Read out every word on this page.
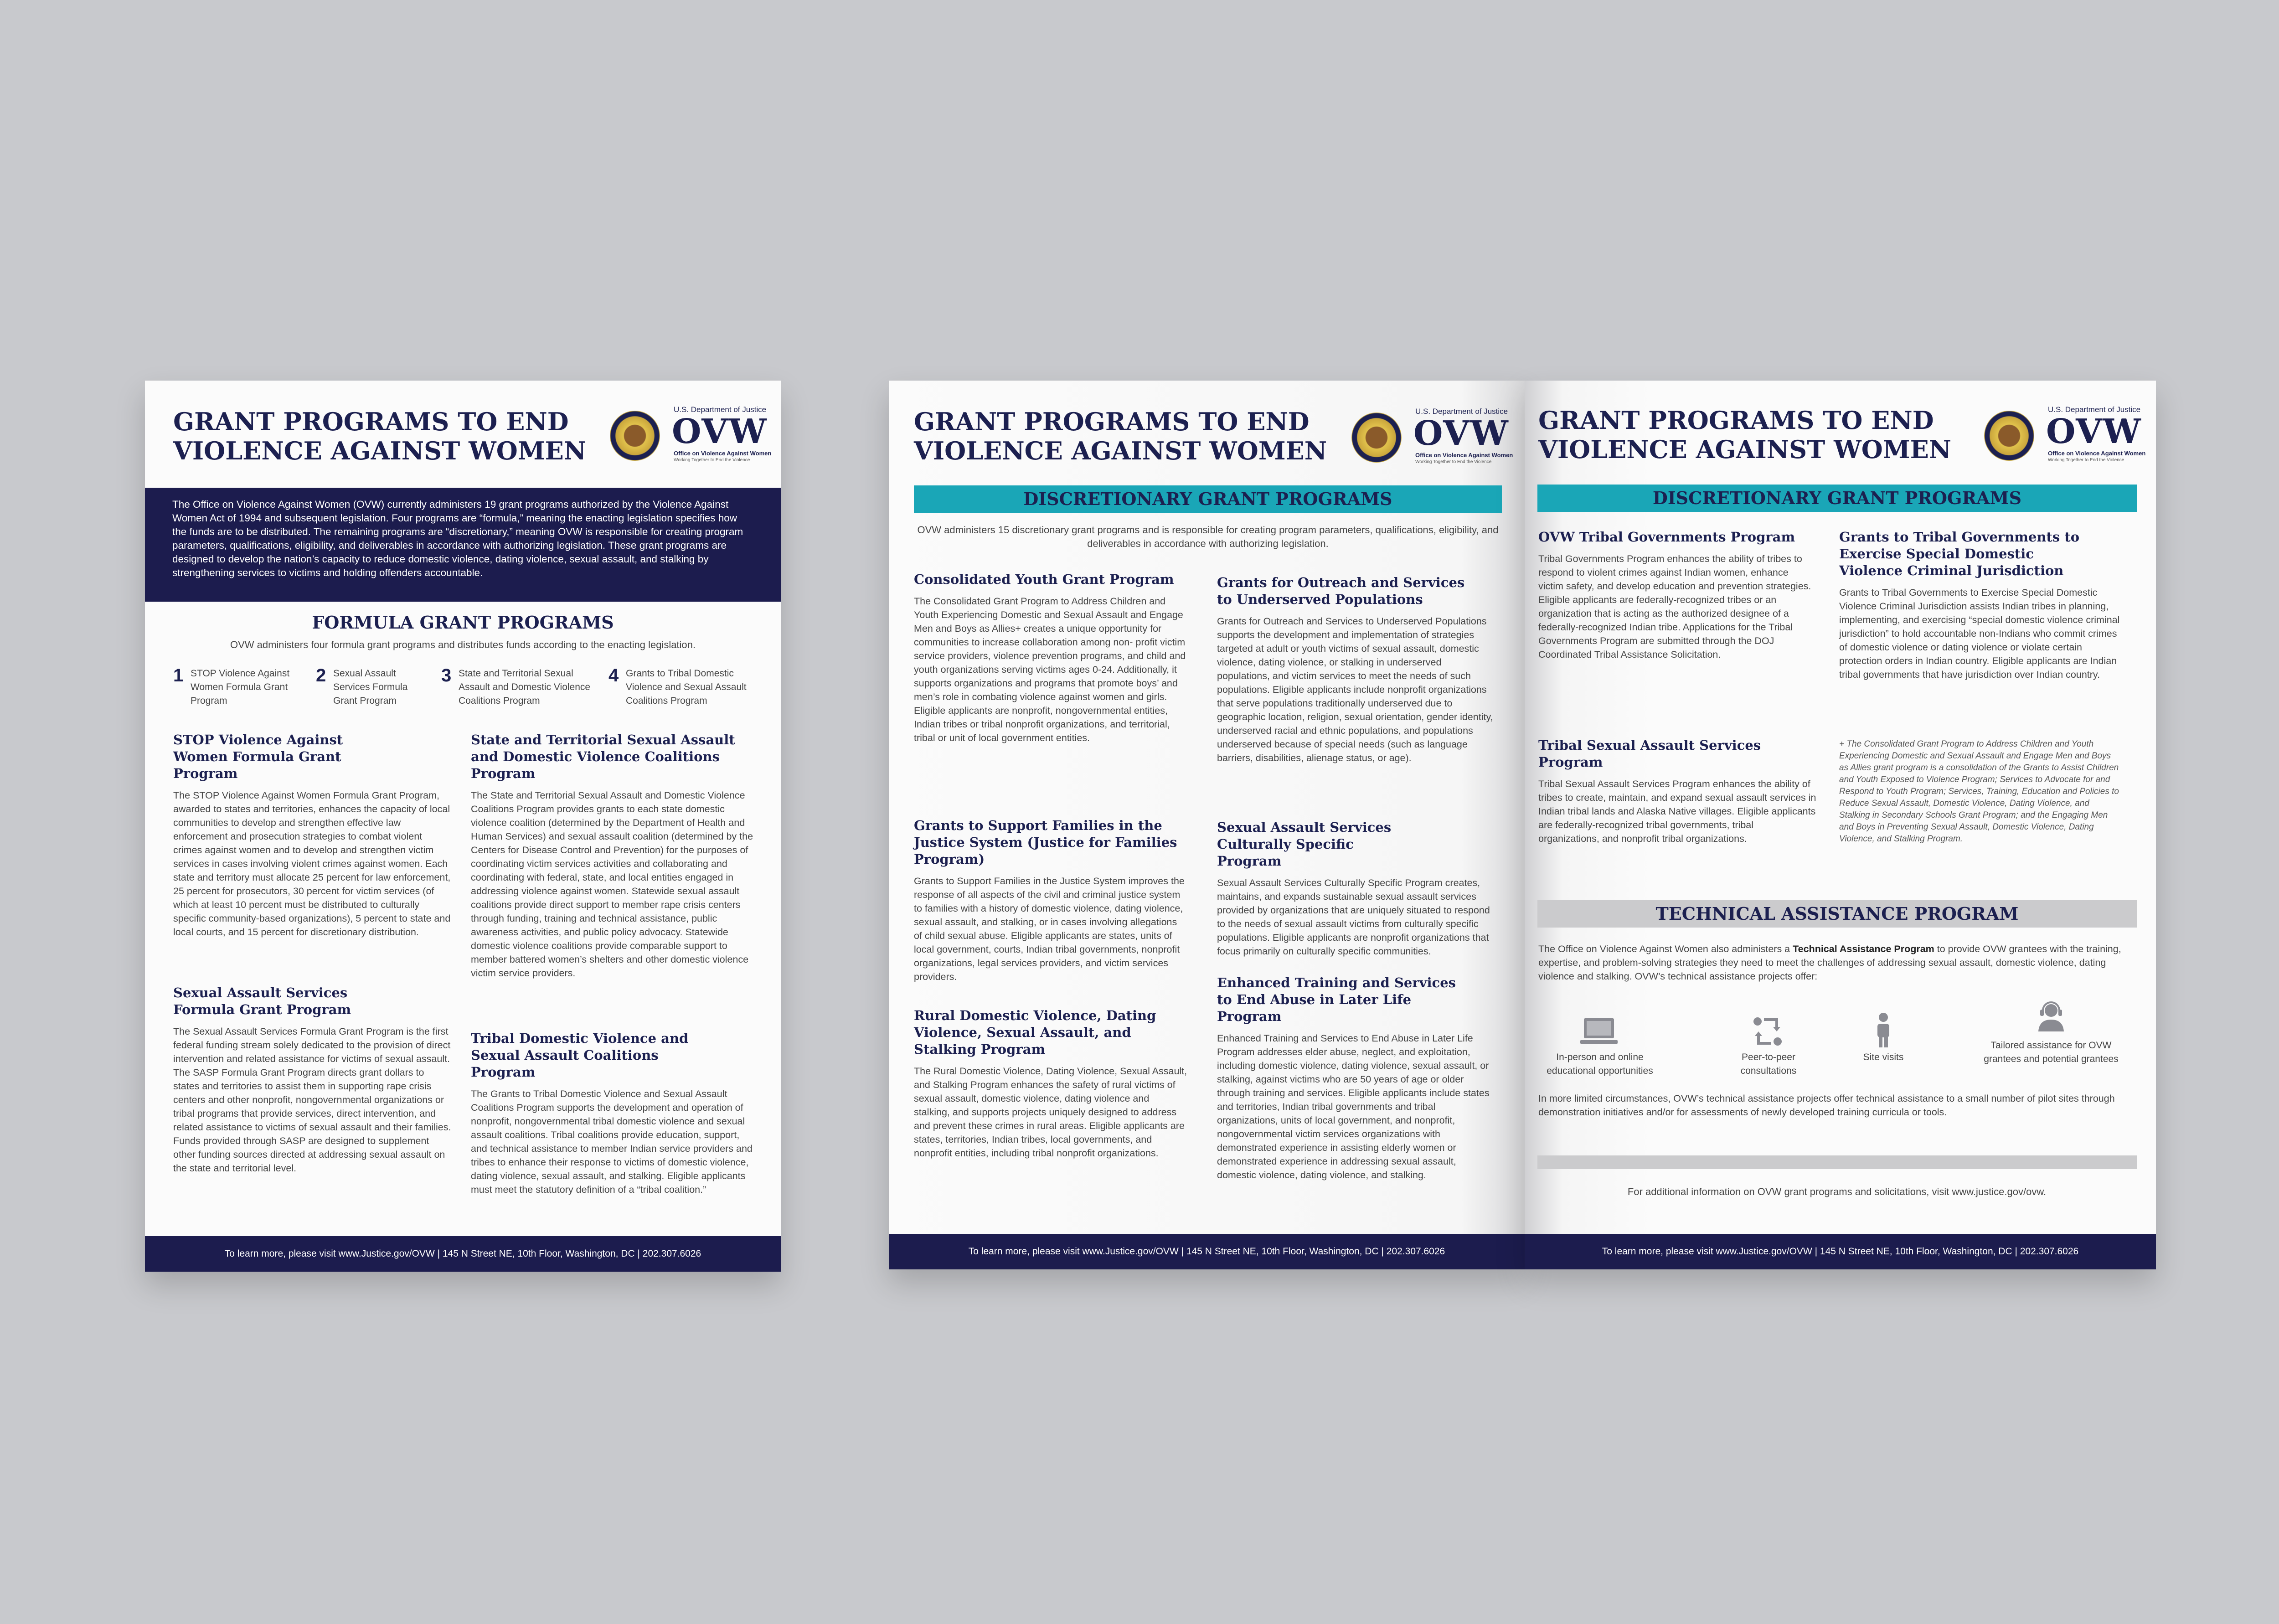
GRANT PROGRAMS TO END
VIOLENCE AGAINST WOMEN
U.S. Department of Justice
OVW
Office on Violence Against Women
Working Together to End the Violence
The Office on Violence Against Women (OVW) currently administers 19 grant programs authorized by the Violence Against Women Act of 1994 and subsequent legislation. Four programs are “formula,” meaning the enacting legislation specifies how the funds are to be distributed. The remaining programs are “discretionary,” meaning OVW is responsible for creating program parameters, qualifications, eligibility, and deliverables in accordance with authorizing legislation. These grant programs are designed to develop the nation’s capacity to reduce domestic violence, dating violence, sexual assault, and stalking by strengthening services to victims and holding offenders accountable.
FORMULA GRANT PROGRAMS
OVW administers four formula grant programs and distributes funds according to the enacting legislation.
1 STOP Violence Against Women Formula Grant Program
2 Sexual Assault Services Formula Grant Program
3 State and Territorial Sexual Assault and Domestic Violence Coalitions Program
4 Grants to Tribal Domestic Violence and Sexual Assault Coalitions Program
STOP Violence Against Women Formula Grant Program
The STOP Violence Against Women Formula Grant Program, awarded to states and territories, enhances the capacity of local communities to develop and strengthen effective law enforcement and prosecution strategies to combat violent crimes against women and to develop and strengthen victim services in cases involving violent crimes against women. Each state and territory must allocate 25 percent for law enforcement, 25 percent for prosecutors, 30 percent for victim services (of which at least 10 percent must be distributed to culturally specific community-based organizations), 5 percent to state and local courts, and 15 percent for discretionary distribution.
Sexual Assault Services Formula Grant Program
The Sexual Assault Services Formula Grant Program is the first federal funding stream solely dedicated to the provision of direct intervention and related assistance for victims of sexual assault. The SASP Formula Grant Program directs grant dollars to states and territories to assist them in supporting rape crisis centers and other nonprofit, nongovernmental organizations or tribal programs that provide services, direct intervention, and related assistance to victims of sexual assault and their families. Funds provided through SASP are designed to supplement other funding sources directed at addressing sexual assault on the state and territorial level.
State and Territorial Sexual Assault and Domestic Violence Coalitions Program
The State and Territorial Sexual Assault and Domestic Violence Coalitions Program provides grants to each state domestic violence coalition (determined by the Department of Health and Human Services) and sexual assault coalition (determined by the Centers for Disease Control and Prevention) for the purposes of coordinating victim services activities and collaborating and coordinating with federal, state, and local entities engaged in addressing violence against women. Statewide sexual assault coalitions provide direct support to member rape crisis centers through funding, training and technical assistance, public awareness activities, and public policy advocacy. Statewide domestic violence coalitions provide comparable support to member battered women’s shelters and other domestic violence victim service providers.
Tribal Domestic Violence and Sexual Assault Coalitions Program
The Grants to Tribal Domestic Violence and Sexual Assault Coalitions Program supports the development and operation of nonprofit, nongovernmental tribal domestic violence and sexual assault coalitions. Tribal coalitions provide education, support, and technical assistance to member Indian service providers and tribes to enhance their response to victims of domestic violence, dating violence, sexual assault, and stalking. Eligible applicants must meet the statutory definition of a “tribal coalition.”
To learn more, please visit www.Justice.gov/OVW | 145 N Street NE, 10th Floor, Washington, DC | 202.307.6026
GRANT PROGRAMS TO END
VIOLENCE AGAINST WOMEN
U.S. Department of Justice
OVW
Office on Violence Against Women
Working Together to End the Violence
DISCRETIONARY GRANT PROGRAMS
OVW administers 15 discretionary grant programs and is responsible for creating program parameters, qualifications, eligibility, and deliverables in accordance with authorizing legislation.
Consolidated Youth Grant Program
The Consolidated Grant Program to Address Children and Youth Experiencing Domestic and Sexual Assault and Engage Men and Boys as Allies+ creates a unique opportunity for communities to increase collaboration among non- profit victim service providers, violence prevention programs, and child and youth organizations serving victims ages 0-24. Additionally, it supports organizations and programs that promote boys’ and men’s role in combating violence against women and girls. Eligible applicants are nonprofit, nongovernmental entities, Indian tribes or tribal nonprofit organizations, and territorial, tribal or unit of local government entities.
Grants to Support Families in the Justice System (Justice for Families Program)
Grants to Support Families in the Justice System improves the response of all aspects of the civil and criminal justice system to families with a history of domestic violence, dating violence, sexual assault, and stalking, or in cases involving allegations of child sexual abuse. Eligible applicants are states, units of local government, courts, Indian tribal governments, nonprofit organizations, legal services providers, and victim services providers.
Rural Domestic Violence, Dating Violence, Sexual Assault, and Stalking Program
The Rural Domestic Violence, Dating Violence, Sexual Assault, and Stalking Program enhances the safety of rural victims of sexual assault, domestic violence, dating violence and stalking, and supports projects uniquely designed to address and prevent these crimes in rural areas. Eligible applicants are states, territories, Indian tribes, local governments, and nonprofit entities, including tribal nonprofit organizations.
Grants for Outreach and Services to Underserved Populations
Grants for Outreach and Services to Underserved Populations supports the development and implementation of strategies targeted at adult or youth victims of sexual assault, domestic violence, dating violence, or stalking in underserved populations, and victim services to meet the needs of such populations. Eligible applicants include nonprofit organizations that serve populations traditionally underserved due to geographic location, religion, sexual orientation, gender identity, underserved racial and ethnic populations, and populations underserved because of special needs (such as language barriers, disabilities, alienage status, or age).
Sexual Assault Services Culturally Specific Program
Sexual Assault Services Culturally Specific Program creates, maintains, and expands sustainable sexual assault services provided by organizations that are uniquely situated to respond to the needs of sexual assault victims from culturally specific populations. Eligible applicants are nonprofit organizations that focus primarily on culturally specific communities.
Enhanced Training and Services to End Abuse in Later Life Program
Enhanced Training and Services to End Abuse in Later Life Program addresses elder abuse, neglect, and exploitation, including domestic violence, dating violence, sexual assault, or stalking, against victims who are 50 years of age or older through training and services. Eligible applicants include states and territories, Indian tribal governments and tribal organizations, units of local government, and nonprofit, nongovernmental victim services organizations with demonstrated experience in assisting elderly women or demonstrated experience in addressing sexual assault, domestic violence, dating violence, and stalking.
To learn more, please visit www.Justice.gov/OVW | 145 N Street NE, 10th Floor, Washington, DC | 202.307.6026
GRANT PROGRAMS TO END
VIOLENCE AGAINST WOMEN
U.S. Department of Justice
OVW
Office on Violence Against Women
Working Together to End the Violence
DISCRETIONARY GRANT PROGRAMS
OVW Tribal Governments Program
Tribal Governments Program enhances the ability of tribes to respond to violent crimes against Indian women, enhance victim safety, and develop education and prevention strategies. Eligible applicants are federally-recognized tribes or an organization that is acting as the authorized designee of a federally-recognized Indian tribe. Applications for the Tribal Governments Program are submitted through the DOJ Coordinated Tribal Assistance Solicitation.
Tribal Sexual Assault Services Program
Tribal Sexual Assault Services Program enhances the ability of tribes to create, maintain, and expand sexual assault services in Indian tribal lands and Alaska Native villages. Eligible applicants are federally-recognized tribal governments, tribal organizations, and nonprofit tribal organizations.
Grants to Tribal Governments to Exercise Special Domestic Violence Criminal Jurisdiction
Grants to Tribal Governments to Exercise Special Domestic Violence Criminal Jurisdiction assists Indian tribes in planning, implementing, and exercising “special domestic violence criminal jurisdiction” to hold accountable non-Indians who commit crimes of domestic violence or dating violence or violate certain protection orders in Indian country. Eligible applicants are Indian tribal governments that have jurisdiction over Indian country.
+ The Consolidated Grant Program to Address Children and Youth Experiencing Domestic and Sexual Assault and Engage Men and Boys as Allies grant program is a consolidation of the Grants to Assist Children and Youth Exposed to Violence Program; Services to Advocate for and Respond to Youth Program; Services, Training, Education and Policies to Reduce Sexual Assault, Domestic Violence, Dating Violence, and Stalking in Secondary Schools Grant Program; and the Engaging Men and Boys in Preventing Sexual Assault, Domestic Violence, Dating Violence, and Stalking Program.
TECHNICAL ASSISTANCE PROGRAM
The Office on Violence Against Women also administers a Technical Assistance Program to provide OVW grantees with the training, expertise, and problem-solving strategies they need to meet the challenges of addressing sexual assault, domestic violence, dating violence and stalking. OVW’s technical assistance projects offer:
In-person and online educational opportunities
Peer-to-peer consultations
Site visits
Tailored assistance for OVW grantees and potential grantees
In more limited circumstances, OVW’s technical assistance projects offer technical assistance to a small number of pilot sites through demonstration initiatives and/or for assessments of newly developed training curricula or tools.
For additional information on OVW grant programs and solicitations, visit www.justice.gov/ovw.
To learn more, please visit www.Justice.gov/OVW | 145 N Street NE, 10th Floor, Washington, DC | 202.307.6026
